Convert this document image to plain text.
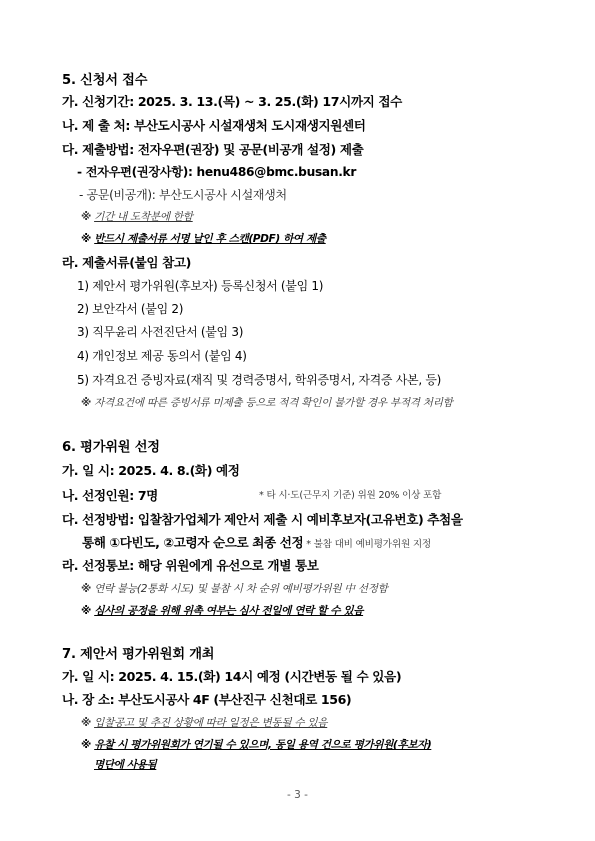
5. 신청서 접수
가. 신청기간: 2025. 3. 13.(목) ~ 3. 25.(화) 17시까지 접수
나. 제 출 처: 부산도시공사 시설재생처 도시재생지원센터
다. 제출방법: 전자우편(권장) 및 공문(비공개 설정) 제출
- 전자우편(권장사항): henu486@bmc.busan.kr
- 공문(비공개): 부산도시공사 시설재생처
※ 기간 내 도착분에 한함
※ 반드시 제출서류 서명 날인 후 스캔(PDF) 하여 제출
라. 제출서류(붙임 참고)
1) 제안서 평가위원(후보자) 등록신청서 (붙임 1)
2) 보안각서 (붙임 2)
3) 직무윤리 사전진단서 (붙임 3)
4) 개인정보 제공 동의서 (붙임 4)
5) 자격요건 증빙자료(재직 및 경력증명서, 학위증명서, 자격증 사본, 등)
※ 자격요건에 따른 증빙서류 미제출 등으로 적격 확인이 불가할 경우 부적격 처리함
6. 평가위원 선정
가. 일 시: 2025. 4. 8.(화) 예정
나. 선정인원: 7명	* 타 시·도(근무지 기준) 위원 20% 이상 포함
다. 선정방법: 입찰참가업체가 제안서 제출 시 예비후보자(고유번호) 추첨을
통해 ①다빈도, ②고령자 순으로 최종 선정 * 불참 대비 예비평가위원 지정
라. 선정통보: 해당 위원에게 유선으로 개별 통보
※ 연락 불능(2통화 시도) 및 불참 시 차 순위 예비평가위원 中 선정함
※ 심사의 공정을 위해 위촉 여부는 심사 전일에 연락 할 수 있음
7. 제안서 평가위원회 개최
가. 일 시: 2025. 4. 15.(화) 14시 예정 (시간변동 될 수 있음)
나. 장 소: 부산도시공사 4F (부산진구 신천대로 156)
※ 입찰공고 및 추진 상황에 따라 일정은 변동될 수 있음
※ 유찰 시 평가위원회가 연기될 수 있으며, 동일 용역 건으로 평가위원(후보자)
명단에 사용됨
- 3 -
